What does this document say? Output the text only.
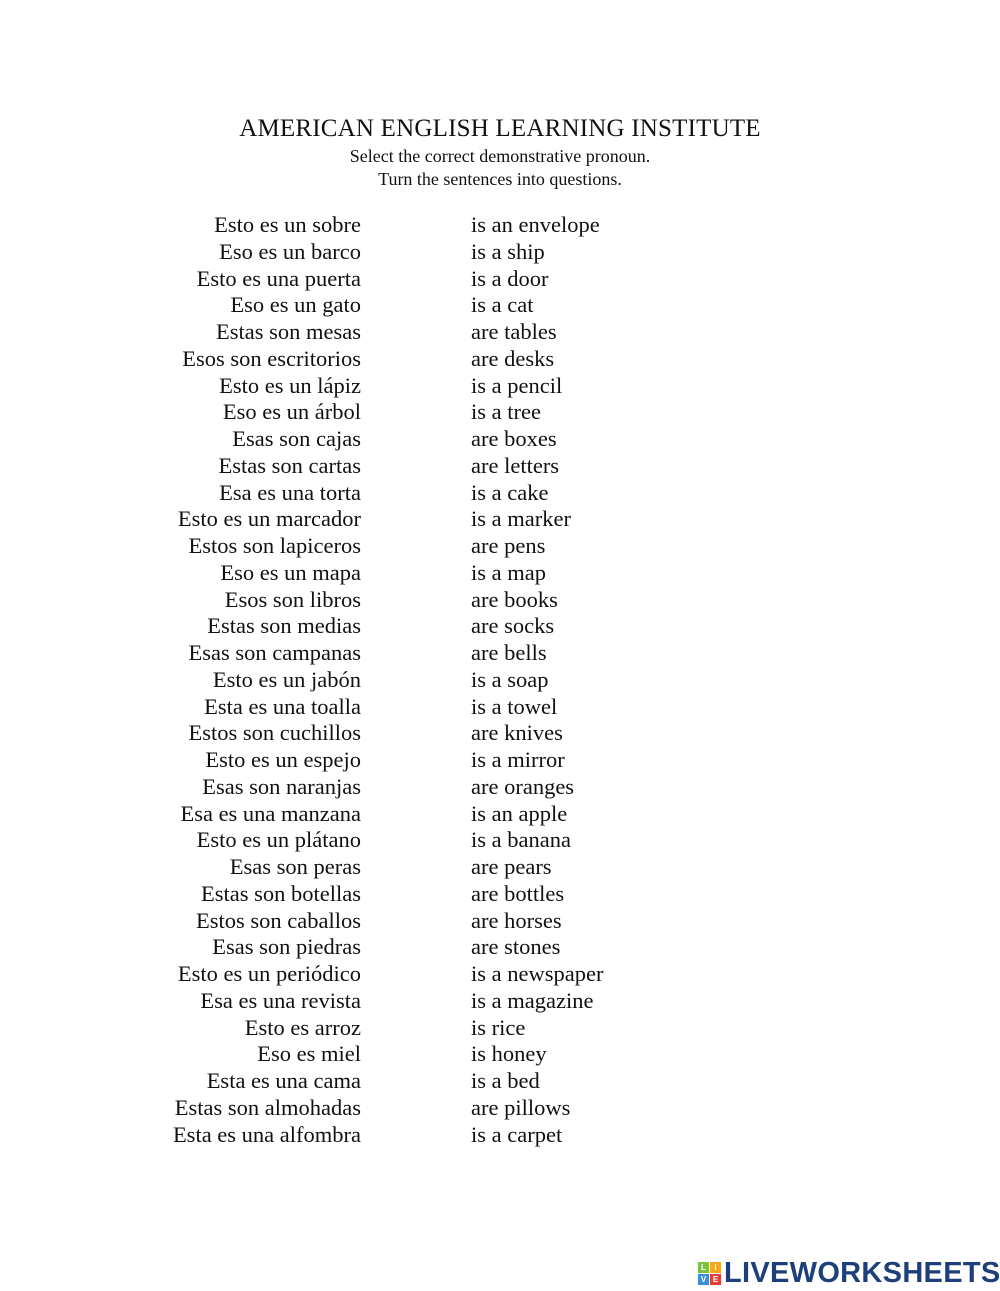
AMERICAN ENGLISH LEARNING INSTITUTE
Select the correct demonstrative pronoun.
Turn the sentences into questions.
Esto es un sobre	is an envelope
Eso es un barco	is a ship
Esto es una puerta	is a door
Eso es un gato	is a cat
Estas son mesas	are tables
Esos son escritorios	are desks
Esto es un lápiz	is a pencil
Eso es un árbol	is a tree
Esas son cajas	are boxes
Estas son cartas	are letters
Esa es una torta	is a cake
Esto es un marcador	is a marker
Estos son lapiceros	are pens
Eso es un mapa	is a map
Esos son libros	are books
Estas son medias	are socks
Esas son campanas	are bells
Esto es un jabón	is a soap
Esta es una toalla	is a towel
Estos son cuchillos	are knives
Esto es un espejo	is a mirror
Esas son naranjas	are oranges
Esa es una manzana	is an apple
Esto es un plátano	is a banana
Esas son peras	are pears
Estas son botellas	are bottles
Estos son caballos	are horses
Esas son piedras	are stones
Esto es un periódico	is a newspaper
Esa es una revista	is a magazine
Esto es arroz	is rice
Eso es miel	is honey
Esta es una cama	is a bed
Estas son almohadas	are pillows
Esta es una alfombra	is a carpet
L	I
V E LIVEWORKSHEETS
